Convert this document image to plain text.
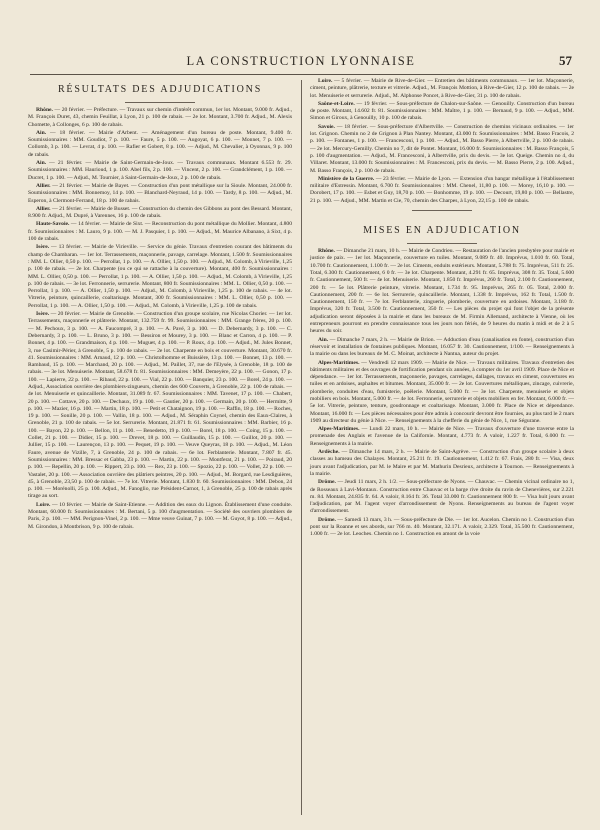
LA CONSTRUCTION LYONNAISE	57
RÉSULTATS DES ADJUDICATIONS

Rhône. — 20 février. — Préfecture. — Travaux sur chemin d'intérêt commun, 1er lot. Montant, 9.000 fr. Adjud., M. François Duret, 43, chemin Feuillat, à Lyon, 21 p. 100 de rabais. — 2e lot. Montant, 3.700 fr. Adjud., M. Alexis Chomette, à Collonges, 6 p. 100 de rabais.

Ain. — 18 février. — Mairie d'Arbent. — Aménagement d'un bureau de poste. Montant, 9.400 fr. Soumissionnaires : MM. Goudiot, 7 p. 100. — Faure, 5 p. 100. — Augoyat, 6 p. 100. — Monnet, 7 p. 100. — Collomb, 3 p. 100. — Levrat, 4 p. 100. — Rafier et Gobert, 8 p. 100. — Adjud., M. Chevalier, à Oyonnax, 9 p. 100 de rabais.

Ain. — 21 février. — Mairie de Saint-Germain-de-Joux. — Travaux communaux. Montant 6.553 fr. 29. Soumissionnaires : MM. Haurioud, 1 p. 100. Abel fils, 2 p. 100. — Vincent, 2 p. 100. — Grandclément, 1 p. 100. — Ducret, 1 p. 100. — Adjud., M. Tournier, à Saint-Germain-de-Joux, 2 p. 100 de rabais.

Allier. — 21 février. — Mairie de Bayet. — Construction d'un pont métallique sur la Sioule. Montant, 24.000 fr. Soumissionnaires : MM. Bonnemoy, 14 p. 100. — Blanchard-Neyraud, 14 p. 100. — Tardy, 8 p. 100. — Adjud., M. Esperon, à Clermont-Ferrand, 18 p. 100 de rabais.

Allier. — 21 février. — Mairie de Busset. — Construction du chemin des Gibbons au pont des Bessard. Montant, 8.900 fr. Adjud., M. Dupré, à Varennes, 16 p. 100 de rabais.

Haute-Savoie. — 14 février. — Mairie de Sixt. — Reconstruction du pont métallique du Mollier. Montant, 4.800 fr. Soumissionnaires : M. Lauro, 9 p. 100. — M. J. Pasquier, 1 p. 100. — Adjud., M. Maurice Albanano, à Sixt, 4 p. 100 de rabais.

Isère. — 13 février. — Mairie de Virieville. — Service du génie. Travaux d'entretien courant des bâtiments du champ de Chambaran. — 1er lot. Terrassements, maçonnerie, pavage, carrelage. Montant, 1.500 fr. Soumissionnaires : MM. L. Ollier, 0,50 p. 100. — Perrollat, 1 p. 100. — A. Ollier, 1,50 p. 100. — Adjud., M. Colomb, à Virieville, 1,25 p. 100 de rabais. — 2e lot. Charpente (ou ce qui se rattache à la couverture). Montant, 400 fr. Soumissionnaires : MM. L. Ollier, 0,50 p. 100. — Perrollat, 1 p. 100. — A. Ollier, 1,50 p. 100. — Adjud., M. Colomb, à Virieville, 1,25 p. 100 de rabais. — 3e lot. Ferronnerie, serrurerie. Montant, 800 fr. Soumissionnaires : MM. L. Ollier, 0,50 p. 100. — Perrollat, 1 p. 100. — A. Ollier, 1,50 p. 100. — Adjud., M. Colomb, à Virieville, 1,25 p. 100 de rabais. — 4e lot. Vitrerie, peinture, quincaillerie, coaltarisage. Montant, 300 fr. Soumissionnaires : MM. L. Ollier, 0,50 p. 100. — Perrollat, 1 p. 100. — A. Ollier, 1,50 p. 100. — Adjud., M. Colomb, à Virieville, 1,25 p. 100 de rabais.

Isère. — 20 février. — Mairie de Grenoble. — Construction d'un groupe scolaire, rue Nicolas Chorier. — 1er lot. Terrassements, maçonnerie et plâtrerie. Montant, 132.759 fr. 99. Soumissionnaires : MM. Grange frères, 20 p. 100. — M. Pechoux, 3 p. 100. — A. Faucompré, 3 p. 100. — A. Pavé, 3 p. 100. — D. Debernardy, 3 p. 100. — C. Debernardy, 3 p. 100. — L. Bruno, 3 p. 100. — Bessiron et Mourey, 3 p. 100. — Blanc et Carron, 4 p. 100. — P. Bonnet, 4 p. 100. — Grandmaison, 4 p. 100. — Muguet, 4 p. 100. — P. Roux, 4 p. 100. — Adjud., M. Jules Bonnet, 3, rue Casimir-Périer, à Grenoble, 5 p. 100 de rabais. — 2e lot. Charpente en bois et couverture. Montant, 30.670 fr. 41. Soumissionnaires : MM. Arnaud, 12 p. 100. — Christolhomme et Buissière, 13 p. 100. — Bonnet, 13 p. 100. — Rambaud, 15 p. 100. — Marchand, 20 p. 100. — Adjud., M. Paillet, 37, rue de l'Elysée, à Grenoble, 18 p. 100 de rabais. — 3e lot. Menuiserie. Montant, 58.678 fr. 81. Soumissionnaires : MM. Demeyère, 22 p. 100. — Gonon, 17 p. 100. — Lapierre, 22 p. 100. — Ribaud, 22 p. 100. — Vial, 22 p. 100. — Banquier, 23 p. 100. — Borel, 24 p. 100. — Adjud., Association ouvrière des plombiers-zingueurs, chemin des 600 Couverts, à Grenoble, 22 p. 100 de rabais. — 4e lot. Menuiserie et quincaillerie. Montant, 31.089 fr. 67. Soumissionnaires : MM. Tavenet, 17 p. 100. — Chabert, 20 p. 100. — Cottave, 20 p. 100. — Dechaux, 19 p. 100. — Gautier, 20 p. 100. — Germain, 20 p. 100. — Hermitte, 9 p. 100. — Mazier, 16 p. 100. — Martin, 18 p. 100. — Petit et Chataignon, 19 p. 100. — Raffin, 18 p. 100. — Roches, 19 p. 100. — Sonille, 20 p. 100. — Vallin, 18 p. 100. — Adjud., M. Séraphin Coynel, chemin des Eaux-Claires, à Grenoble, 21 p. 100 de rabais. — 5e lot. Serrurerie. Montant, 21.871 fr. 61. Soumissionnaires : MM. Barbier, 16 p. 100. — Bayon, 22 p. 100. — Bellon, 11 p. 100. — Benedetto, 19 p. 100. — Borel, 18 p. 100. — Coing, 15 p. 100. — Collet, 21 p. 100. — Didier, 15 p. 100. — Drevet, 18 p. 100. — Guillaudin, 15 p. 100. — Guillot, 20 p. 100. — Jullier, 15 p. 100. — Laurençon, 13 p. 100. — Pequet, 19 p. 100. — Veuve Queyras, 18 p. 100. — Adjud., M. Léon Faure, avenue de Vizille, 7, à Grenoble, 24 p. 100 de rabais. — 6e lot. Ferblanterie. Montant, 7.807 fr. 45. Soumissionnaires : MM. Bressac et Gabba, 23 p. 100. — Martin, 22 p. 100. — Montferat, 21 p. 100. — Poiraud, 20 p. 100. — Repellin, 20 p. 100. — Rippert, 23 p. 100. — Rex, 23 p. 100. — Spozio, 22 p. 100. — Vollet, 22 p. 100. — Vastalet, 20 p. 100. — Association ouvrière des plâtriers peintres, 20 p. 100. — Adjud., M. Borgard, rue Lesdiguières, 45, à Grenoble, 23,50 p. 100 de rabais. — 7e lot. Vitrerie. Montant, 1.830 fr. 60. Soumissionnaires : MM. Debon, 24 p. 100. — Morénolli, 25 p. 100. Adjud., M. Fanoglio, rue Président-Carnot, 1, à Grenoble, 25 p. 100 de rabais après tirage au sort.

Loire. — 10 février. — Mairie de Saint-Etienne. — Addition des eaux du Lignon. Établissement d'une conduite. Montant, 60.000 fr. Soumissionnaires : M. Bertani, 5 p. 100 d'augmentation. — Société des ouvriers plombiers de Paris, 2 p. 100. — MM. Perignon-Vinel, 2 p. 100. — Mme veuve Guinat, 7 p. 100. — M. Guyot, 8 p. 100. — Adjud., M. Girondon, à Montbrison, 9 p. 100 de rabais.

Loire. — 5 février. — Mairie de Rive-de-Gier. — Entretien des bâtiments communaux. — 1er lot. Maçonnerie, ciment, peinture, plâtrerie, texture et vitrerie. Adjud., M. François Mottion, à Rive-de-Gier, 12 p. 100 de rabais. — 2e lot. Menuiserie et serrurerie. Adjud., M. Alphonse Poncet, à Rive-de-Gier, 31 p. 100 de rabais.

Saône-et-Loire. — 19 février. — Sous-préfecture de Chalon-sur-Saône. — Genouilly. Construction d'un bureau de poste. Montant, 14.602 fr. 81. Soumissionnaires : MM. Maître, 1 p. 100. — Bernaud, 9 p. 100. — Adjud., MM. Simon et Giroux, à Genouilly, 10 p. 100 de rabais.

Savoie. — 18 février. — Sous-préfecture d'Albertville. — Construction de chemins vicinaux ordinaires. — 1er lot. Grignon. Chemin no 2 de Grignon à Plan Nantey. Montant, 43.000 fr. Soumissionnaires : MM. Basso Fracois, 2 p. 100. — Fontanes, 1 p. 100. — Francesconi, 1 p. 100. — Adjud., M. Basso Pierre, à Albertville, 2 p. 100 de rabais. — 2e lot. Mercury-Gemilly. Chemin no 7, dit de Pontet. Montant, 16.000 fr. Soumissionnaires : M. Basso François, 5 p. 100 d'augmentation. — Adjud., M. Francesconi, à Albertville, prix du devis. — 3e lot. Queige. Chemin no 4, du Villaret. Montant, 13.000 fr. Soumissionnaires : M. Francesconi, prix du devis. — M. Basso Pierre, 2 p. 100. Adjud., M. Basso François, 2 p. 100 de rabais.

Ministère de la Guerre. — 23 février. — Mairie de Lyon. — Extension d'un hangar métallique à l'établissement militaire d'Estressin. Montant, 6.700 fr. Soumissionnaires : MM. Chenel, 11,80 p. 100. — Morey, 16,10 p. 100. — Dorobert, 17 p. 100. — Esbet et Guy, 18,70 p. 100. — Bonhomme, 19 p. 100. — Decourt, 19,80 p. 100. — Bellastre, 21 p. 100. — Adjud., MM. Martin et Cie, 70, chemin des Charpes, à Lyon, 22,15 p. 100 de rabais.

MISES EN ADJUDICATION

Rhône. — Dimanche 21 mars, 10 h. — Mairie de Condrieu. — Restauration de l'ancien presbytère pour mairie et justice de paix. — 1er lot. Maçonnerie, couverture en tuiles. Montant, 9.089 fr. 40. Imprévus, 1.010 fr. 60. Total, 10.700 fr. Cautionnement, 1.100 fr. — 2e lot. Ciments, enduits extérieurs. Montant, 5.788 fr. 75. Imprévus, 511 fr. 25. Total, 6.300 fr. Cautionnement, 6 0 fr. — 3e lot. Charpente. Montant, 4.291 fr. 65. Imprévus, 308 fr. 35. Total, 5.600 fr. Cautionnement, 500 fr. — 4e lot. Menuiserie. Montant, 1.850 fr. Imprévus, 260 fr. Total, 2.100 fr. Cautionnement, 200 fr. — 5e lot. Plâtrerie peinture, vitrerie. Montant, 1.734 fr. 95. Imprévus, 265 fr. 05. Total, 2.000 fr. Cautionnement, 200 fr. — 6e lot. Serrurerie, quincaillerie. Montant, 1.338 fr. Imprévus, 162 fr. Total, 1.500 fr. Cautionnement, 150 fr. — 7e lot. Ferblanterie, zinguerie, plomberie, couverture en ardoises. Montant, 3.180 fr. Imprévus, 320 fr. Total, 3.500 fr. Cautionnement, 350 fr. — Les pièces du projet qui font l'objet de la présente adjudication seront déposées à la mairie et dans les bureaux de M. Firmin Allemand, architecte à Vienne, où les entrepreneurs pourront en prendre connaissance tous les jours non fériés, de 9 heures du matin à midi et de 2 à 5 heures du soir.

Ain. — Dimanche 7 mars, 2 h. — Mairie de Brion. — Adduction d'eau (canalisation en fonte), construction d'un réservoir et installation de fontaines publiques. Montant, 16.057 fr. 30. Cautionnement, 1/100. — Renseignements à la mairie ou dans les bureaux de M. C. Moinat, architecte à Nantua, auteur du projet.

Alpes-Maritimes. — Vendredi 12 mars 1909. — Mairie de Nice. — Travaux militaires. Travaux d'entretien des bâtiments militaires et des ouvrages de fortification pendant six années, à compter du 1er avril 1909. Place de Nice et dépendance. — 1er lot. Terrassements, maçonnerie, pavages, carrelages, dallages, travaux en ciment, couvertures en tuiles et en ardoises, asphaltes et bitumes. Montant, 35.000 fr. — 2e lot. Couvertures métalliques, zincage, cuivrerie, plomberie, conduites d'eau, fumisterie, poêlerie. Montant, 5.000 fr. — 3e lot. Charpente, menuiserie et objets mobiliers en bois. Montant, 5.000 fr. — 4e lot. Ferronnerie, serrurerie et objets mobiliers en fer. Montant, 6.000 fr. — 5e lot. Vitrerie, peinture, tenture, goudronnage et coaltarisage. Montant, 3.000 fr. Place de Nice et dépendance. Montant, 16.000 fr. — Les pièces nécessaires pour être admis à concourir devront être fournies, au plus tard le 2 mars 1909 au directeur du génie à Nice. — Renseignements à la chefferie du génie de Nice, 1, rue Ségurane.

Alpes-Maritimes. — Lundi 22 mars, 10 h. — Mairie de Nice. — Travaux d'ouverture d'une traverse entre la promenade des Anglais et l'avenue de la Californie. Montant, 4.773 fr. A valoir, 1.227 fr. Total, 6.000 fr. — Renseignements à la mairie.

Ardèche. — Dimanche 14 mars, 2 h. — Mairie de Saint-Agrève. — Construction d'un groupe scolaire à deux classes au hameau des Chalayes. Montant, 25.211 fr. 19. Cautionnement, 1.412 fr. 67. Frais, 280 fr. — Visa, deux jours avant l'adjudication, par M. le Maire et par M. Mathurin Desrieux, architecte à Tournon. — Renseignements à la mairie.

Drôme. — Jeudi 11 mars, 2 h. 1/2. — Sous-préfecture de Nyons. — Chauvac. — Chemin vicinal ordinaire no 1, de Rosseaux à Lavi-Montaux. Construction entre Chauvac et la barge rive droite du ravin de Chenevières, sur 2.221 m. 84. Montant, 24.835 fr. 64. A valoir, 8.164 fr. 36. Total 33.000 fr. Cautionnement 800 fr. — Visa huit jours avant l'adjudication, par M. l'agent voyer d'arrondissement de Nyons. Renseignements au bureau de l'agent voyer d'arrondissement.

Drôme. — Samedi 13 mars, 3 h. — Sous-préfecture de Die. — 1er lot. Aucelon. Chemin no 1. Construction d'un pont sur la Roanne et ses abords, sur 766 m. 40. Montant, 32.171. A valoir, 2.329. Total, 35.500 fr. Cautionnement, 1.000 fr. — 2e lot. Leoches. Chemin no 1. Construction en amont de la voie
